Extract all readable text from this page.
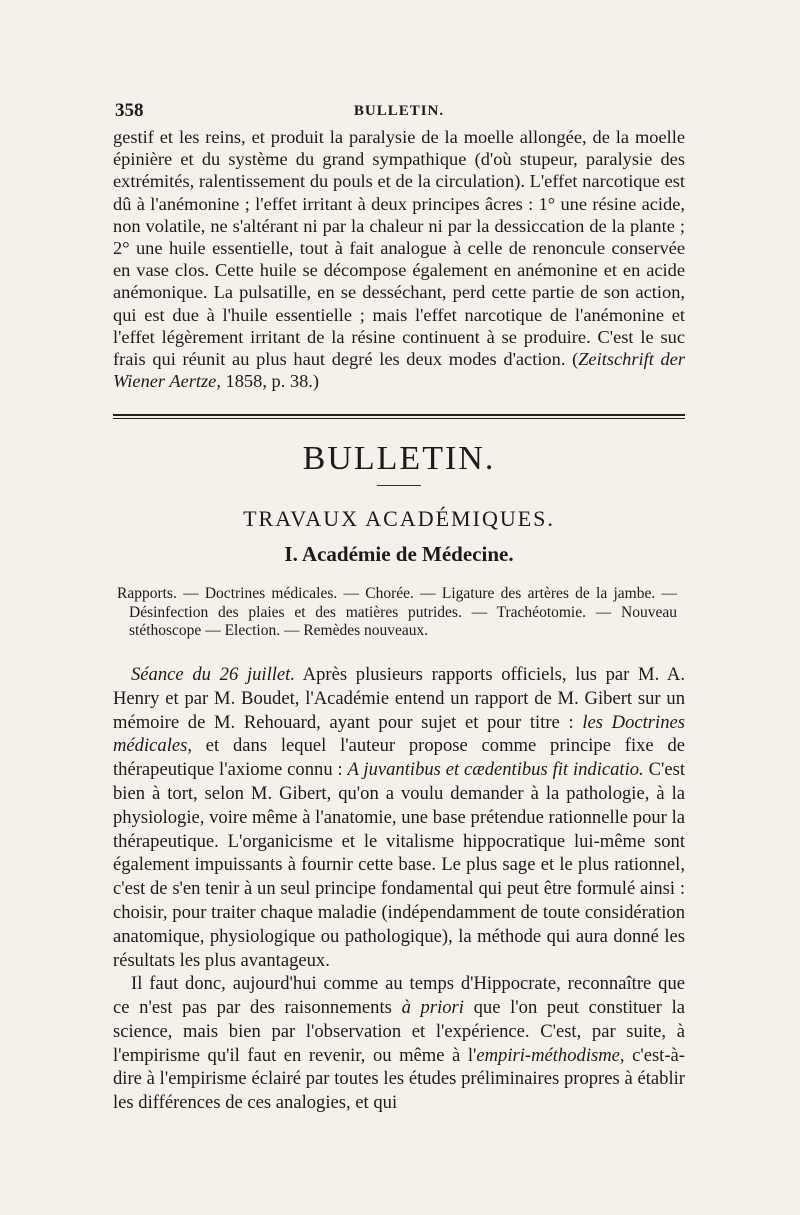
358	BULLETIN.

gestif et les reins, et produit la paralysie de la moelle allongée, de la moelle épinière et du système du grand sympathique (d'où stupeur, paralysie des extrémités, ralentissement du pouls et de la circulation). L'effet narcotique est dû à l'anémonine ; l'effet irritant à deux principes âcres : 1° une résine acide, non volatile, ne s'altérant ni par la chaleur ni par la dessiccation de la plante ; 2° une huile essentielle, tout à fait analogue à celle de renoncule conservée en vase clos. Cette huile se décompose également en anémonine et en acide anémonique. La pulsatille, en se desséchant, perd cette partie de son action, qui est due à l'huile essentielle ; mais l'effet narcotique de l'anémonine et l'effet légèrement irritant de la résine continuent à se produire. C'est le suc frais qui réunit au plus haut degré les deux modes d'action. (Zeitschrift der Wiener Aertze, 1858, p. 38.)

BULLETIN.
TRAVAUX ACADÉMIQUES.
I. Académie de Médecine.

Rapports. — Doctrines médicales. — Chorée. — Ligature des artères de la jambe. — Désinfection des plaies et des matières putrides. — Trachéotomie. — Nouveau stéthoscope — Election. — Remèdes nouveaux.

Séance du 26 juillet. Après plusieurs rapports officiels, lus par M. A. Henry et par M. Boudet, l'Académie entend un rapport de M. Gibert sur un mémoire de M. Rehouard, ayant pour sujet et pour titre : les Doctrines médicales, et dans lequel l'auteur propose comme principe fixe de thérapeutique l'axiome connu : A juvantibus et cædentibus fit indicatio. C'est bien à tort, selon M. Gibert, qu'on a voulu demander à la pathologie, à la physiologie, voire même à l'anatomie, une base prétendue rationnelle pour la thérapeutique. L'organicisme et le vitalisme hippocratique lui-même sont également impuissants à fournir cette base. Le plus sage et le plus rationnel, c'est de s'en tenir à un seul principe fondamental qui peut être formulé ainsi : choisir, pour traiter chaque maladie (indépendamment de toute considération anatomique, physiologique ou pathologique), la méthode qui aura donné les résultats les plus avantageux.

Il faut donc, aujourd'hui comme au temps d'Hippocrate, reconnaître que ce n'est pas par des raisonnements à priori que l'on peut constituer la science, mais bien par l'observation et l'expérience. C'est, par suite, à l'empirisme qu'il faut en revenir, ou même à l'empiri-méthodisme, c'est-à-dire à l'empirisme éclairé par toutes les études préliminaires propres à établir les différences de ces analogies, et qui
